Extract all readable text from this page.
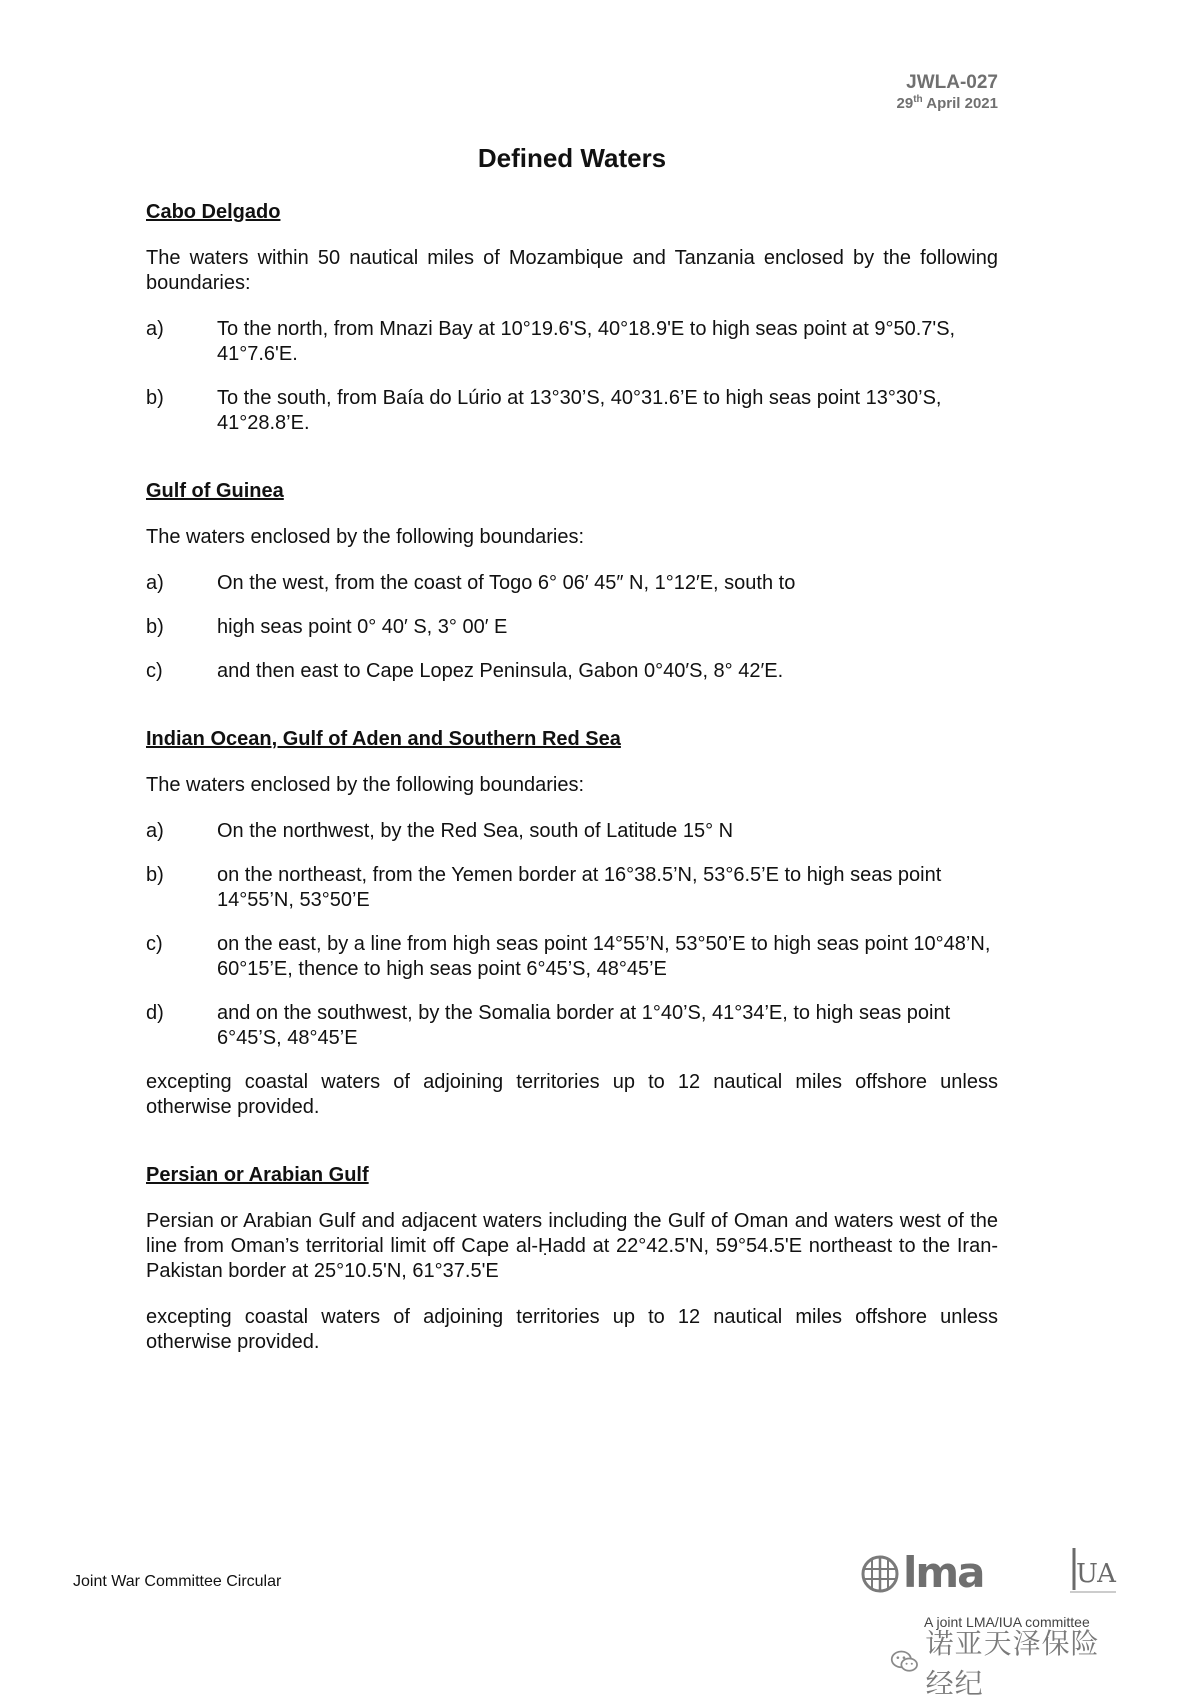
JWLA-027
29th April 2021
Defined Waters
Cabo Delgado

The waters within 50 nautical miles of Mozambique and Tanzania enclosed by the following boundaries:

a)	To the north, from Mnazi Bay at 10°19.6'S, 40°18.9'E to high seas point at 9°50.7'S, 41°7.6'E.
b)	To the south, from Baía do Lúrio at 13°30’S, 40°31.6’E to high seas point 13°30’S, 41°28.8’E.
Gulf of Guinea

The waters enclosed by the following boundaries:

a)	On the west, from the coast of Togo 6° 06′ 45″ N, 1°12′E, south to
b)	high seas point 0° 40′ S, 3° 00′ E
c)	and then east to Cape Lopez Peninsula, Gabon 0°40′S, 8° 42′E.
Indian Ocean, Gulf of Aden and Southern Red Sea

The waters enclosed by the following boundaries:

a)	On the northwest, by the Red Sea, south of Latitude 15° N
b)	on the northeast, from the Yemen border at 16°38.5’N, 53°6.5’E to high seas point 14°55’N, 53°50’E
c)	on the east, by a line from high seas point 14°55’N, 53°50’E to high seas point 10°48’N, 60°15’E, thence to high seas point 6°45’S, 48°45’E
d)	and on the southwest, by the Somalia border at 1°40’S, 41°34’E, to high seas point 6°45’S, 48°45’E

excepting coastal waters of adjoining territories up to 12 nautical miles offshore unless otherwise provided.

Persian or Arabian Gulf

Persian or Arabian Gulf and adjacent waters including the Gulf of Oman and waters west of the line from Oman’s territorial limit off Cape al-Ḥadd at 22°42.5'N, 59°54.5'E northeast to the Iran-Pakistan border at 25°10.5'N, 61°37.5'E

excepting coastal waters of adjoining territories up to 12 nautical miles offshore unless otherwise provided.

Joint War Committee Circular	lma	UA
A joint LMA/IUA committee
诺亚天泽保险经纪
